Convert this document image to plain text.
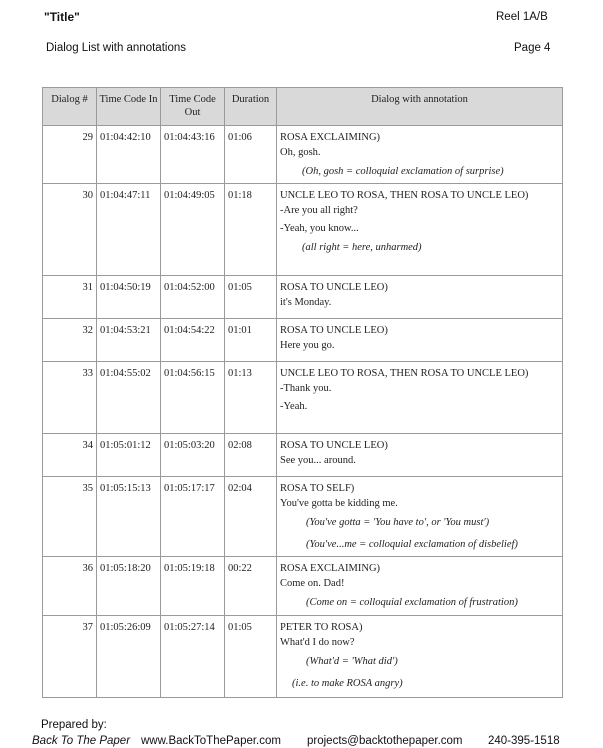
"Title"	Reel 1A/B
Dialog List with annotations	Page 4
Dialog #	Time Code In	Time Code Out	Duration	Dialog with annotation
29	01:04:42:10	01:04:43:16	01:06	ROSA EXCLAIMING)
Oh, gosh.
(Oh, gosh = colloquial exclamation of surprise)

30	01:04:47:11	01:04:49:05	01:18	UNCLE LEO TO ROSA, THEN ROSA TO UNCLE LEO)
-Are you all right?
-Yeah, you know...
(all right = here, unharmed)

31	01:04:50:19	01:04:52:00	01:05	ROSA TO UNCLE LEO)
it's Monday.

32	01:04:53:21	01:04:54:22	01:01	ROSA TO UNCLE LEO)
Here you go.

33	01:04:55:02	01:04:56:15	01:13	UNCLE LEO TO ROSA, THEN ROSA TO UNCLE LEO)
-Thank you.
-Yeah.

34	01:05:01:12	01:05:03:20	02:08	ROSA TO UNCLE LEO)
See you... around.

35	01:05:15:13	01:05:17:17	02:04	ROSA TO SELF)
You've gotta be kidding me.
(You've gotta = 'You have to', or 'You must')
(You've...me = colloquial exclamation of disbelief)

36	01:05:18:20	01:05:19:18	00:22	ROSA EXCLAIMING)
Come on. Dad!
(Come on = colloquial exclamation of frustration)

37	01:05:26:09	01:05:27:14	01:05	PETER TO ROSA)
What'd I do now?
(What'd = 'What did')
(i.e. to make ROSA angry)
Prepared by:
Back To The Paper www.BackToThePaper.com projects@backtothepaper.com 240-395-1518
